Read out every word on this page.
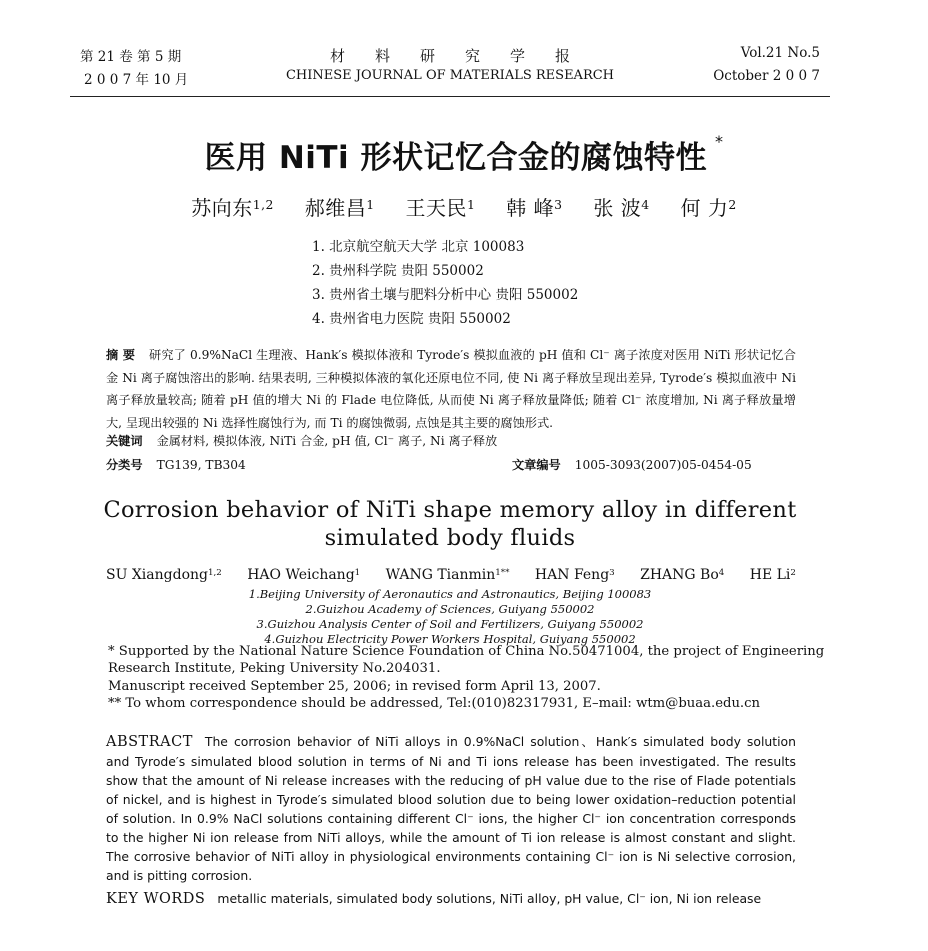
第 21 卷 第 5 期
2 0 0 7 年 10 月
材　　料　　研　　究　　学　　报
CHINESE JOURNAL OF MATERIALS RESEARCH
Vol.21 No.5
October 2 0 0 7
医用 NiTi 形状记忆合金的腐蚀特性 *
苏向东$^{1,2}$ 郝维昌$^1$ 王天民$^1$ 韩 峰$^3$ 张 波$^4$ 何 力$^2$
1. 北京航空航天大学 北京 100083
2. 贵州科学院 贵阳 550002
3. 贵州省土壤与肥料分析中心 贵阳 550002
4. 贵州省电力医院 贵阳 550002
摘 要 研究了 0.9%NaCl 生理液、Hank′s 模拟体液和 Tyrode′s 模拟血液的 pH 值和 Cl⁻ 离子浓度对医用 NiTi 形状记忆合金 Ni 离子腐蚀溶出的影响. 结果表明, 三种模拟体液的氧化还原电位不同, 使 Ni 离子释放呈现出差异, Tyrode′s 模拟血液中 Ni 离子释放量较高; 随着 pH 值的增大 Ni 的 Flade 电位降低, 从而使 Ni 离子释放量降低; 随着 Cl⁻ 浓度增加, Ni 离子释放量增大, 呈现出较强的 Ni 选择性腐蚀行为, 而 Ti 的腐蚀微弱, 点蚀是其主要的腐蚀形式.
关键词 金属材料, 模拟体液, NiTi 合金, pH 值, Cl⁻ 离子, Ni 离子释放
分类号 TG139, TB304	文章编号 1005-3093(2007)05-0454-05
Corrosion behavior of NiTi shape memory alloy in different
simulated body fluids
SU Xiangdong$^{1,2}$ HAO Weichang$^1$ WANG Tianmin$^{1**}$ HAN Feng$^3$ ZHANG Bo$^4$ HE Li$^2$
1.Beijing University of Aeronautics and Astronautics, Beijing 100083
2.Guizhou Academy of Sciences, Guiyang 550002
3.Guizhou Analysis Center of Soil and Fertilizers, Guiyang 550002
4.Guizhou Electricity Power Workers Hospital, Guiyang 550002
* Supported by the National Nature Science Foundation of China No.50471004, the project of Engineering
Research Institute, Peking University No.204031.
Manuscript received September 25, 2006; in revised form April 13, 2007.
** To whom correspondence should be addressed, Tel:(010)82317931, E–mail: wtm@buaa.edu.cn
ABSTRACT The corrosion behavior of NiTi alloys in 0.9%NaCl solution、Hank′s simulated body solution and Tyrode′s simulated blood solution in terms of Ni and Ti ions release has been investigated. The results show that the amount of Ni release increases with the reducing of pH value due to the rise of Flade potentials of nickel, and is highest in Tyrode′s simulated blood solution due to being lower oxidation–reduction potential of solution. In 0.9% NaCl solutions containing different Cl⁻ ions, the higher Cl⁻ ion concentration corresponds to the higher Ni ion release from NiTi alloys, while the amount of Ti ion release is almost constant and slight. The corrosive behavior of NiTi alloy in physiological environments containing Cl⁻ ion is Ni selective corrosion, and is pitting corrosion.
KEY WORDS metallic materials, simulated body solutions, NiTi alloy, pH value, Cl⁻ ion, Ni ion release
